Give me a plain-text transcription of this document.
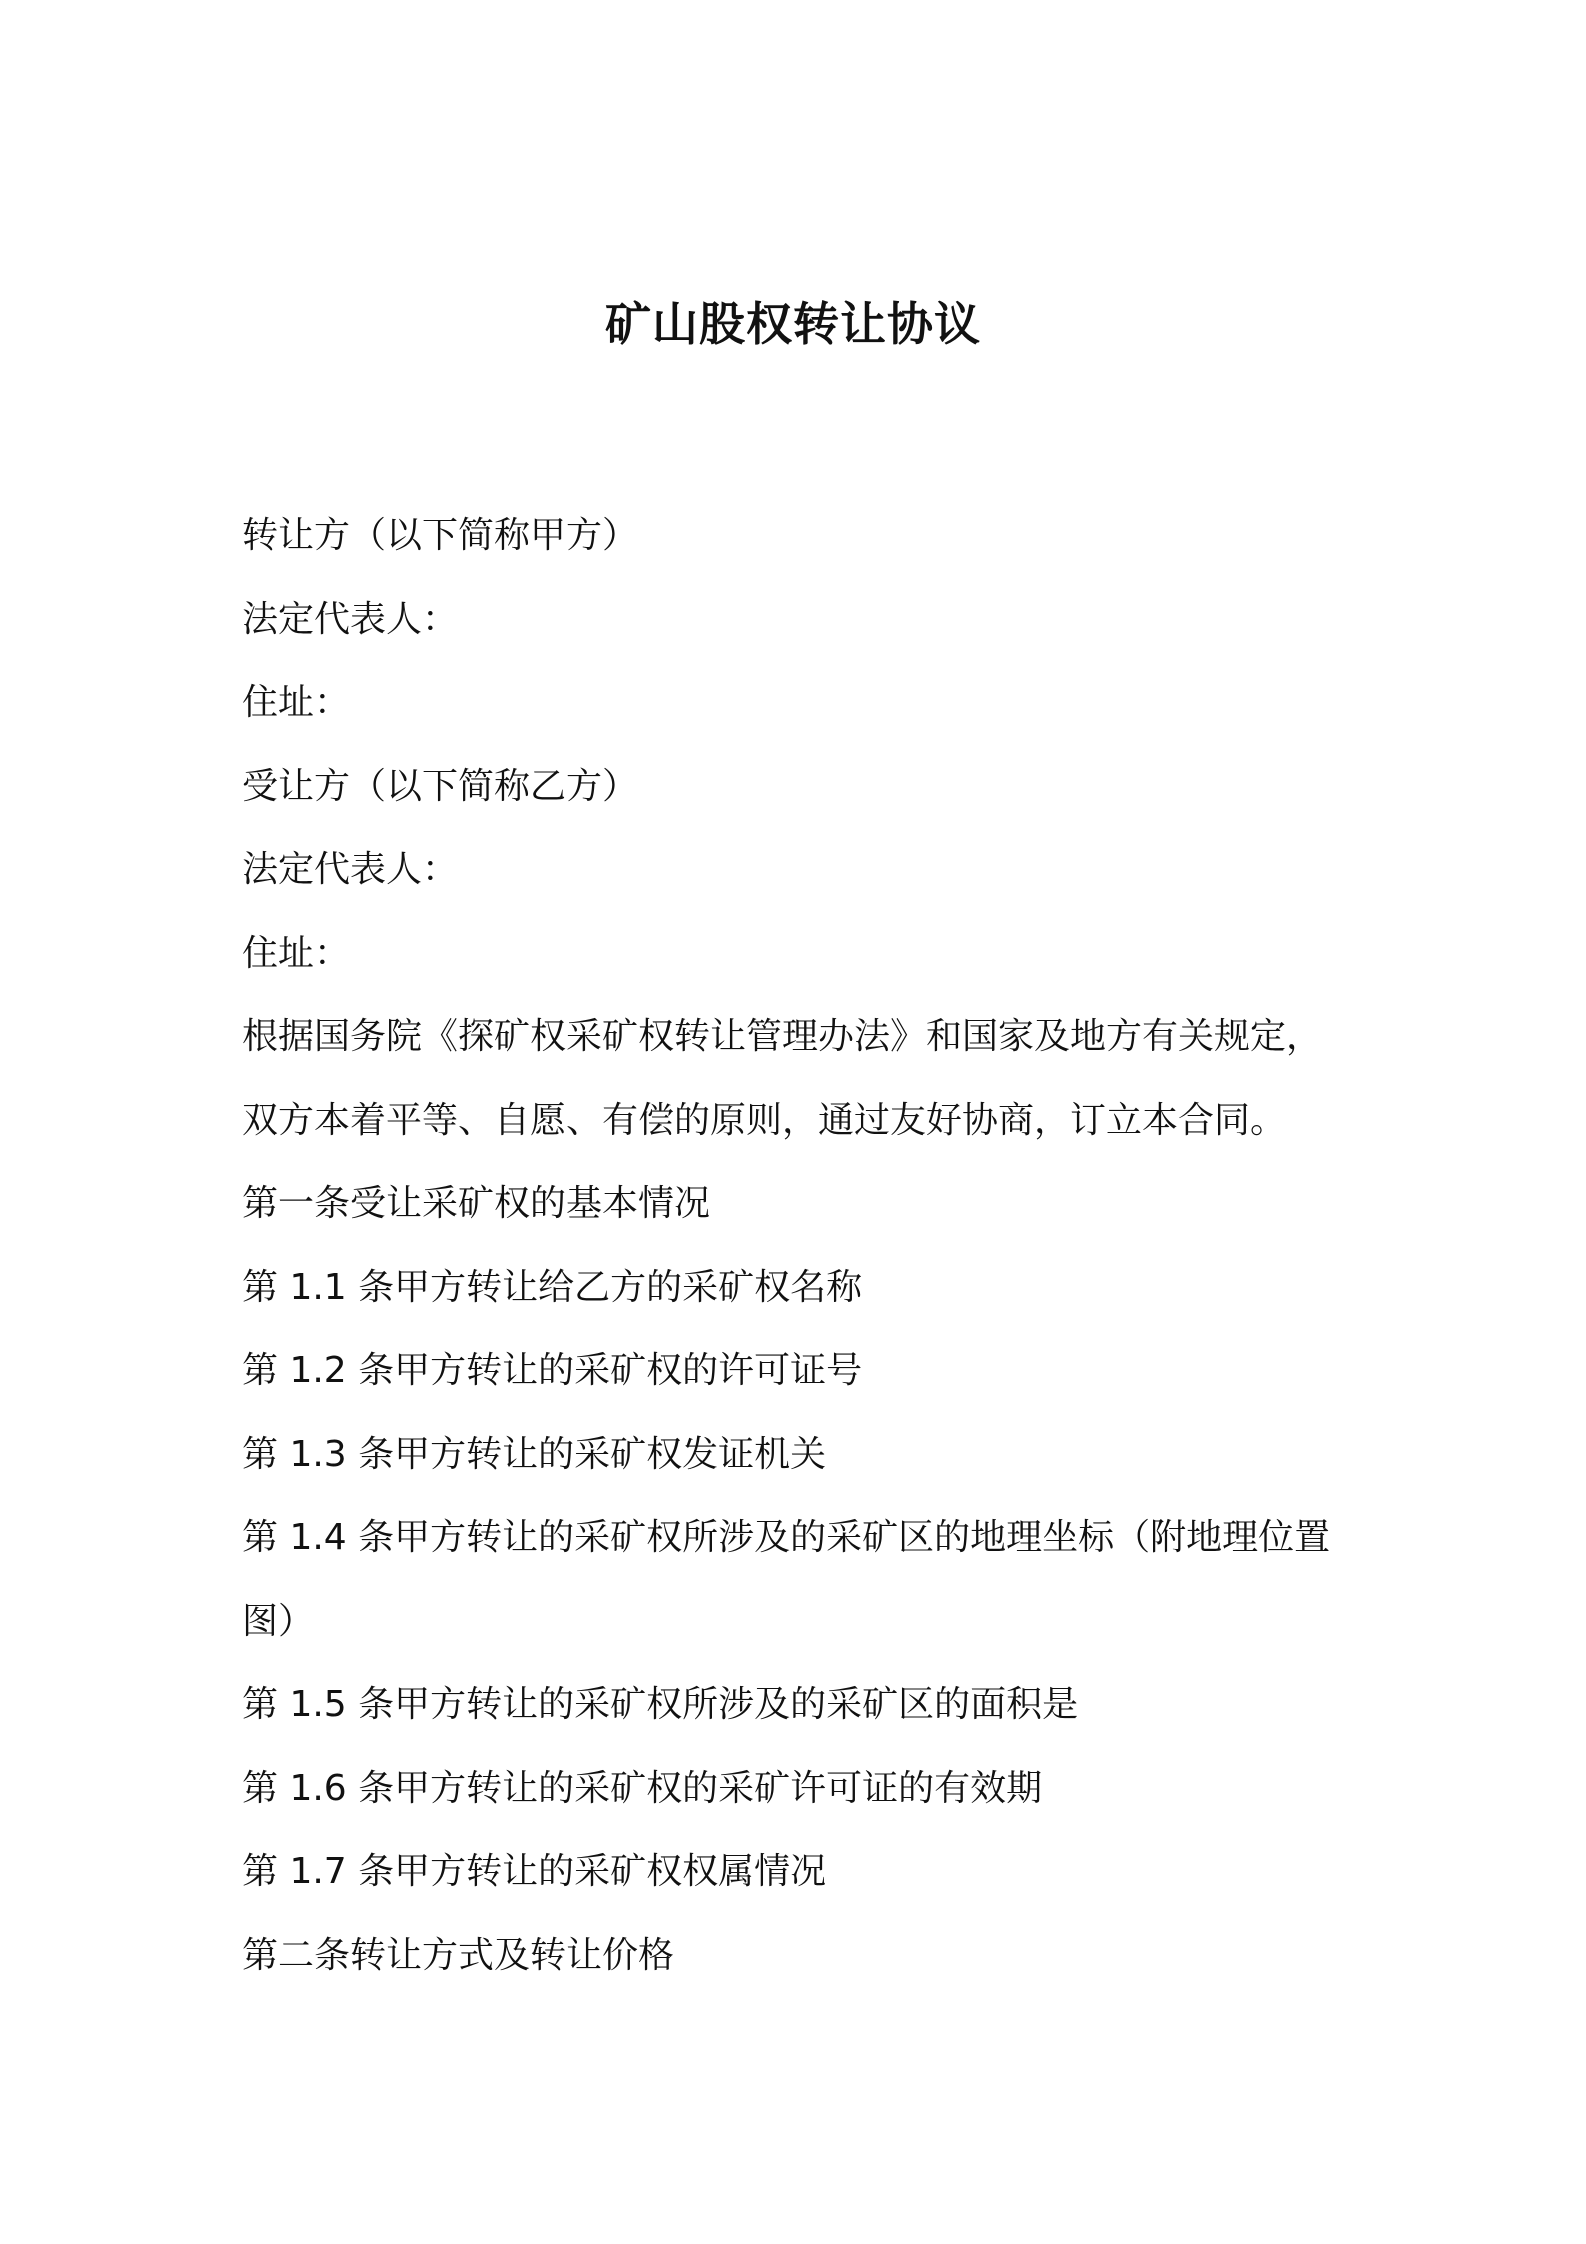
矿山股权转让协议

转让方（以下简称甲方）

法定代表人：

住址：

受让方（以下简称乙方）

法定代表人：

住址：

根据国务院《探矿权采矿权转让管理办法》和国家及地方有关规定，

双方本着平等、自愿、有偿的原则，通过友好协商，订立本合同。

第一条受让采矿权的基本情况

第 1.1 条甲方转让给乙方的采矿权名称

第 1.2 条甲方转让的采矿权的许可证号

第 1.3 条甲方转让的采矿权发证机关

第 1.4 条甲方转让的采矿权所涉及的采矿区的地理坐标（附地理位置

图）

第 1.5 条甲方转让的采矿权所涉及的采矿区的面积是

第 1.6 条甲方转让的采矿权的采矿许可证的有效期

第 1.7 条甲方转让的采矿权权属情况

第二条转让方式及转让价格
